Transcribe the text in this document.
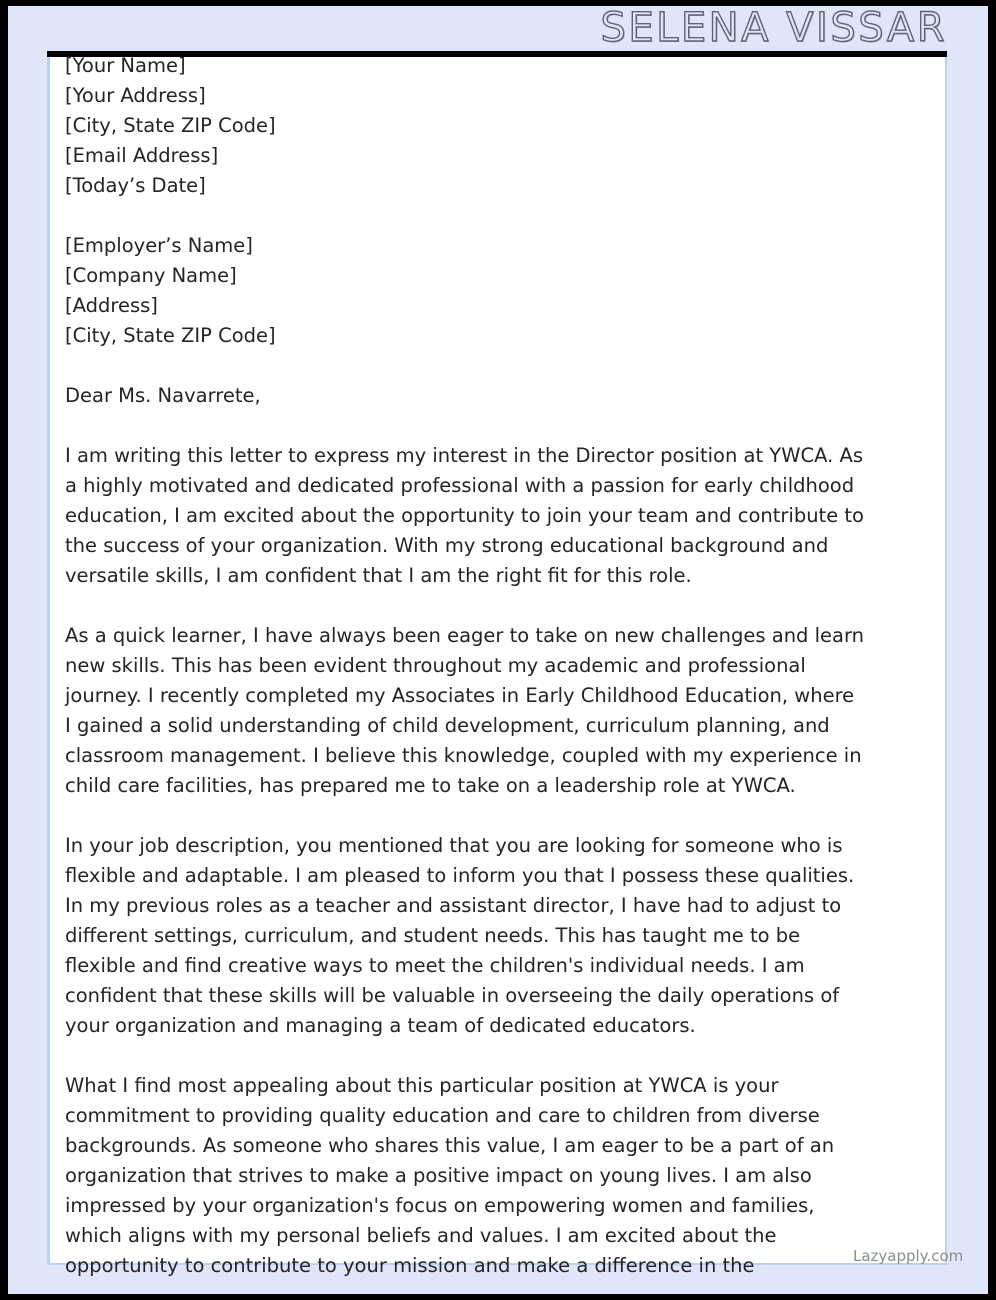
SELENA VISSAR
[Your Name]
[Your Address]
[City, State ZIP Code]
[Email Address]
[Today’s Date]
[Employer’s Name]
[Company Name]
[Address]
[City, State ZIP Code]
Dear Ms. Navarrete,

I am writing this letter to express my interest in the Director position at YWCA. As a highly motivated and dedicated professional with a passion for early childhood education, I am excited about the opportunity to join your team and contribute to the success of your organization. With my strong educational background and versatile skills, I am confident that I am the right fit for this role.

As a quick learner, I have always been eager to take on new challenges and learn new skills. This has been evident throughout my academic and professional journey. I recently completed my Associates in Early Childhood Education, where I gained a solid understanding of child development, curriculum planning, and classroom management. I believe this knowledge, coupled with my experience in child care facilities, has prepared me to take on a leadership role at YWCA.

In your job description, you mentioned that you are looking for someone who is flexible and adaptable. I am pleased to inform you that I possess these qualities. In my previous roles as a teacher and assistant director, I have had to adjust to different settings, curriculum, and student needs. This has taught me to be flexible and find creative ways to meet the children's individual needs. I am confident that these skills will be valuable in overseeing the daily operations of your organization and managing a team of dedicated educators.

What I find most appealing about this particular position at YWCA is your commitment to providing quality education and care to children from diverse backgrounds. As someone who shares this value, I am eager to be a part of an organization that strives to make a positive impact on young lives. I am also impressed by your organization's focus on empowering women and families, which aligns with my personal beliefs and values. I am excited about the opportunity to contribute to your mission and make a difference in the	Lazyapply.com
